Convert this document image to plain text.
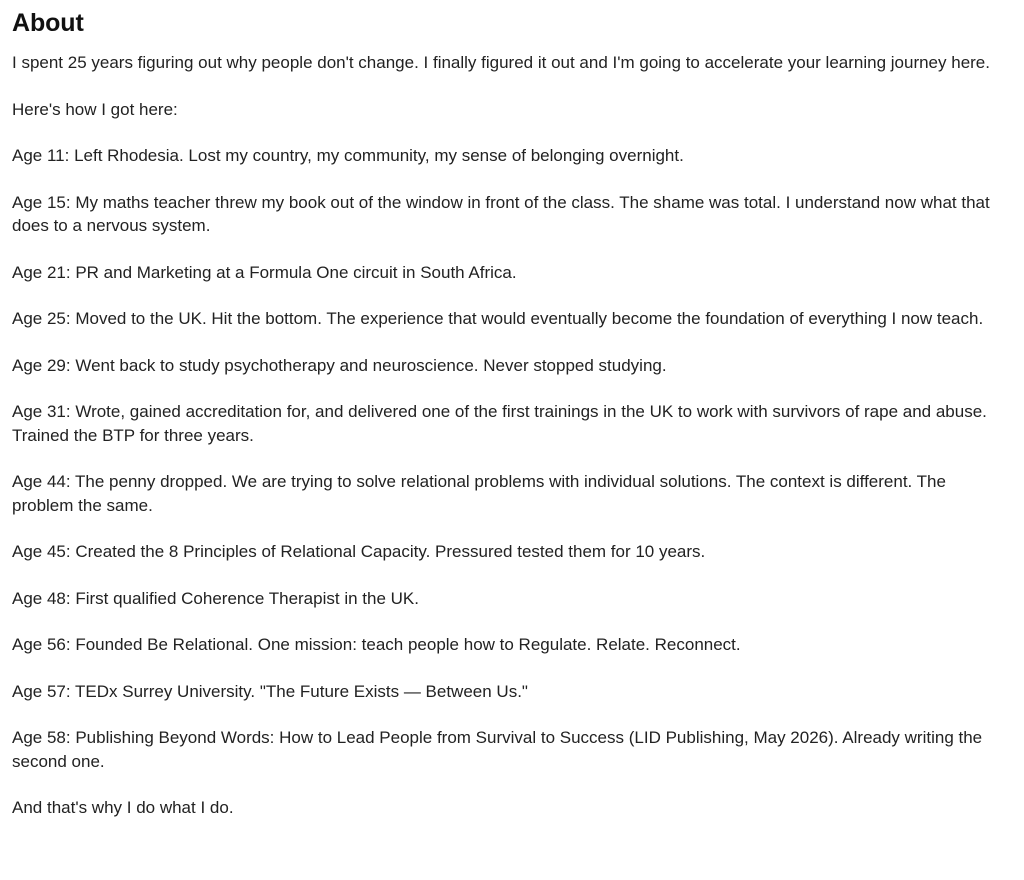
About

I spent 25 years figuring out why people don't change. I finally figured it out and I'm going to accelerate your learning journey here.

Here's how I got here:

Age 11: Left Rhodesia. Lost my country, my community, my sense of belonging overnight.

Age 15: My maths teacher threw my book out of the window in front of the class. The shame was total. I understand now what that does to a nervous system.

Age 21: PR and Marketing at a Formula One circuit in South Africa.

Age 25: Moved to the UK. Hit the bottom. The experience that would eventually become the foundation of everything I now teach.

Age 29: Went back to study psychotherapy and neuroscience. Never stopped studying.

Age 31: Wrote, gained accreditation for, and delivered one of the first trainings in the UK to work with survivors of rape and abuse. Trained the BTP for three years.

Age 44: The penny dropped. We are trying to solve relational problems with individual solutions. The context is different. The problem the same.

Age 45: Created the 8 Principles of Relational Capacity. Pressured tested them for 10 years.

Age 48: First qualified Coherence Therapist in the UK.

Age 56: Founded Be Relational. One mission: teach people how to Regulate. Relate. Reconnect.

Age 57: TEDx Surrey University. "The Future Exists — Between Us."

Age 58: Publishing Beyond Words: How to Lead People from Survival to Success (LID Publishing, May 2026). Already writing the second one.

And that's why I do what I do.
